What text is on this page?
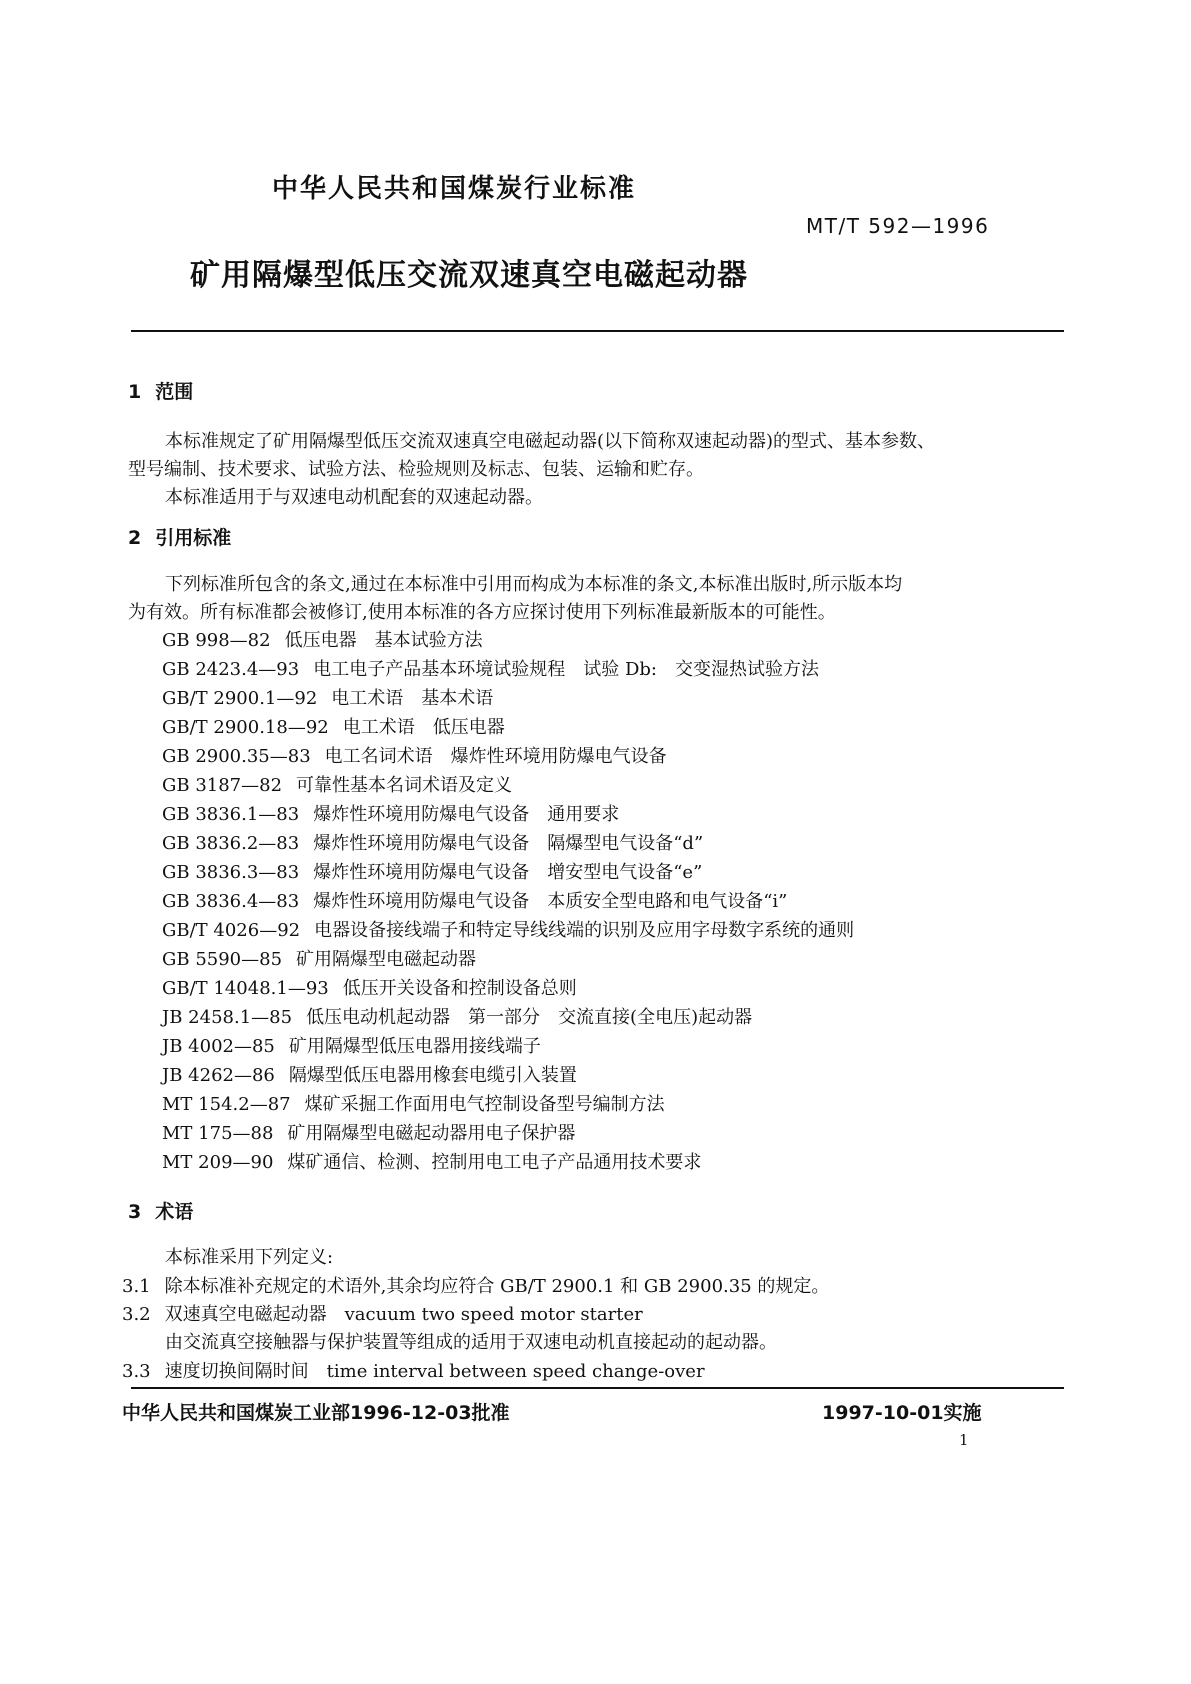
中华人民共和国煤炭行业标准
MT/T 592—1996
矿用隔爆型低压交流双速真空电磁起动器
1 范围
本标准规定了矿用隔爆型低压交流双速真空电磁起动器(以下简称双速起动器)的型式、基本参数、
型号编制、技术要求、试验方法、检验规则及标志、包装、运输和贮存。
本标准适用于与双速电动机配套的双速起动器。
2 引用标准
下列标准所包含的条文,通过在本标准中引用而构成为本标准的条文,本标准出版时,所示版本均
为有效。所有标准都会被修订,使用本标准的各方应探讨使用下列标准最新版本的可能性。
GB 998—82 低压电器　基本试验方法
GB 2423.4—93 电工电子产品基本环境试验规程　试验 Db:　交变湿热试验方法
GB/T 2900.1—92 电工术语　基本术语
GB/T 2900.18—92 电工术语　低压电器
GB 2900.35—83 电工名词术语　爆炸性环境用防爆电气设备
GB 3187—82 可靠性基本名词术语及定义
GB 3836.1—83 爆炸性环境用防爆电气设备　通用要求
GB 3836.2—83 爆炸性环境用防爆电气设备　隔爆型电气设备“d”
GB 3836.3—83 爆炸性环境用防爆电气设备　增安型电气设备“e”
GB 3836.4—83 爆炸性环境用防爆电气设备　本质安全型电路和电气设备“i”
GB/T 4026—92 电器设备接线端子和特定导线线端的识别及应用字母数字系统的通则
GB 5590—85 矿用隔爆型电磁起动器
GB/T 14048.1—93 低压开关设备和控制设备总则
JB 2458.1—85 低压电动机起动器　第一部分　交流直接(全电压)起动器
JB 4002—85 矿用隔爆型低压电器用接线端子
JB 4262—86 隔爆型低压电器用橡套电缆引入装置
MT 154.2—87 煤矿采掘工作面用电气控制设备型号编制方法
MT 175—88 矿用隔爆型电磁起动器用电子保护器
MT 209—90 煤矿通信、检测、控制用电工电子产品通用技术要求
3 术语
本标准采用下列定义:
3.1 除本标准补充规定的术语外,其余均应符合 GB/T 2900.1 和 GB 2900.35 的规定。
3.2 双速真空电磁起动器　vacuum two speed motor starter
由交流真空接触器与保护装置等组成的适用于双速电动机直接起动的起动器。
3.3 速度切换间隔时间　time interval between speed change-over
中华人民共和国煤炭工业部1996-12-03批准	1997-10-01实施
1
